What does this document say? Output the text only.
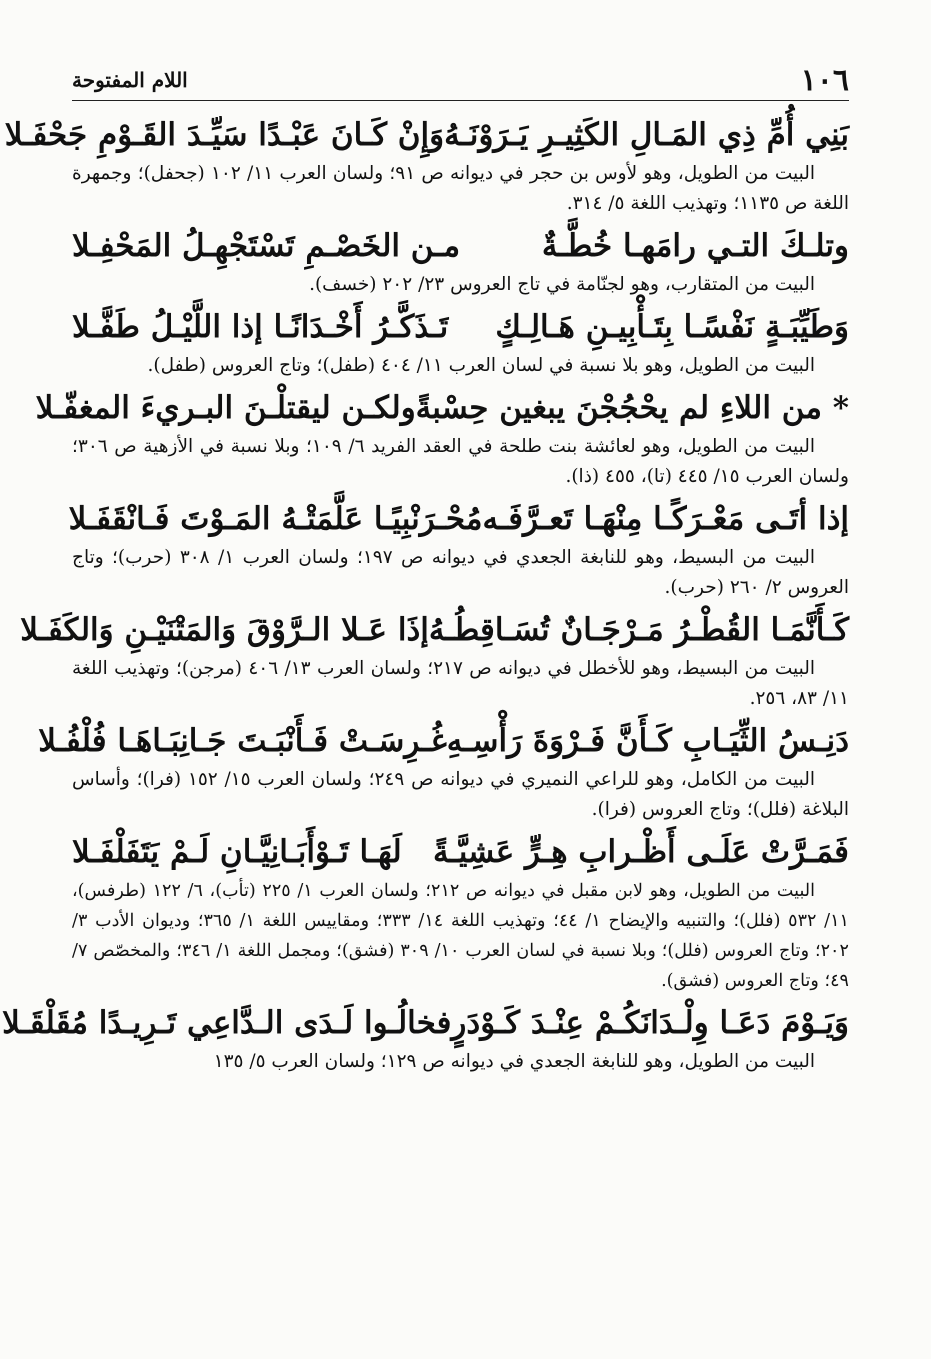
١٠٦
اللام المفتوحة
بَنِي أُمِّ ذِي المَـالِ الكَثِيـرِ يَـرَوْنَـهُ
وَإِنْ كَـانَ عَبْـدًا سَيِّـدَ القَـوْمِ جَحْفَـلا

البيت من الطويل، وهو لأوس بن حجر في ديوانه ص ٩١؛ ولسان العرب ١١/ ١٠٢ (جحفل)؛ وجمهرة اللغة ص ١١٣٥؛ وتهذيب اللغة ٥/ ٣١٤.

وتلـكَ التـي رامَهـا خُطَّـةٌ
مـن الخَصْـمِ تَسْتَجْهِـلُ المَحْفِـلا

البيت من المتقارب، وهو لجنّامة في تاج العروس ٢٣/ ٢٠٢ (خسف).

وَطَيِّبَـةٍ نَفْسًـا بِتَـأْبِيـنِ هَـالِـكٍ
تَـذَكَّـرُ أَخْـدَانًـا إذا اللَّيْـلُ طَفَّـلا

البيت من الطويل، وهو بلا نسبة في لسان العرب ١١/ ٤٠٤ (طفل)؛ وتاج العروس (طفل).

* من اللاءِ لم يحْجُجْنَ يبغين حِسْبةً
ولكـن ليقتلْـنَ البـريءَ المغفّـلا

البيت من الطويل، وهو لعائشة بنت طلحة في العقد الفريد ٦/ ١٠٩؛ وبلا نسبة في الأزهية ص ٣٠٦؛ ولسان العرب ١٥/ ٤٤٥ (تا)، ٤٥٥ (ذا).

إذا أتَـى مَعْـرَكًـا مِنْهَـا تَعـرَّفَـه
مُحْـرَنْبِيًـا عَلَّمَتْـهُ المَـوْتَ فَـانْقَفَـلا

البيت من البسيط، وهو للنابغة الجعدي في ديوانه ص ١٩٧؛ ولسان العرب ١/ ٣٠٨ (حرب)؛ وتاج العروس ٢/ ٢٦٠ (حرب).

كَـأَنَّمَـا القُطْـرُ مَـرْجَـانٌ تُسَـاقِطُـهُ
إذَا عَـلا الـرَّوْقَ وَالمَتْنَيْـنِ وَالكَفَـلا

البيت من البسيط، وهو للأخطل في ديوانه ص ٢١٧؛ ولسان العرب ١٣/ ٤٠٦ (مرجن)؛ وتهذيب اللغة ١١/ ٨٣، ٢٥٦.

دَنِـسُ الثِّيَـابِ كَـأَنَّ فَـرْوَةَ رَأْسِـهِ
غُـرِسَـتْ فَـأَنْبَـتَ جَـانِبَـاهَـا فُلْفُـلا

البيت من الكامل، وهو للراعي النميري في ديوانه ص ٢٤٩؛ ولسان العرب ١٥/ ١٥٢ (فرا)؛ وأساس البلاغة (فلل)؛ وتاج العروس (فرا).

فَمَـرَّتْ عَلَـى أَظْـرابِ هِـرٍّ عَشِيَّـةً
لَهَـا تَـوْأَبَـانِيَّـانِ لَـمْ يَتَفَلْفَـلا

البيت من الطويل، وهو لابن مقبل في ديوانه ص ٢١٢؛ ولسان العرب ١/ ٢٢٥ (تأب)، ٦/ ١٢٢ (طرفس)، ١١/ ٥٣٢ (فلل)؛ والتنبيه والإيضاح ١/ ٤٤؛ وتهذيب اللغة ١٤/ ٣٣٣؛ ومقاييس اللغة ١/ ٣٦٥؛ وديوان الأدب ٣/ ٢٠٢؛ وتاج العروس (فلل)؛ وبلا نسبة في لسان العرب ١٠/ ٣٠٩ (فشق)؛ ومجمل اللغة ١/ ٣٤٦؛ والمخصّص ٧/ ٤٩؛ وتاج العروس (فشق).

وَيَـوْمَ دَعَـا وِلْـدَانَكُـمْ عِنْـدَ كَـوْدَرٍ
فخالُـوا لَـدَى الـدَّاعِي تَـرِيـدًا مُقَلْقَـلا

البيت من الطويل، وهو للنابغة الجعدي في ديوانه ص ١٢٩؛ ولسان العرب ٥/ ١٣٥
